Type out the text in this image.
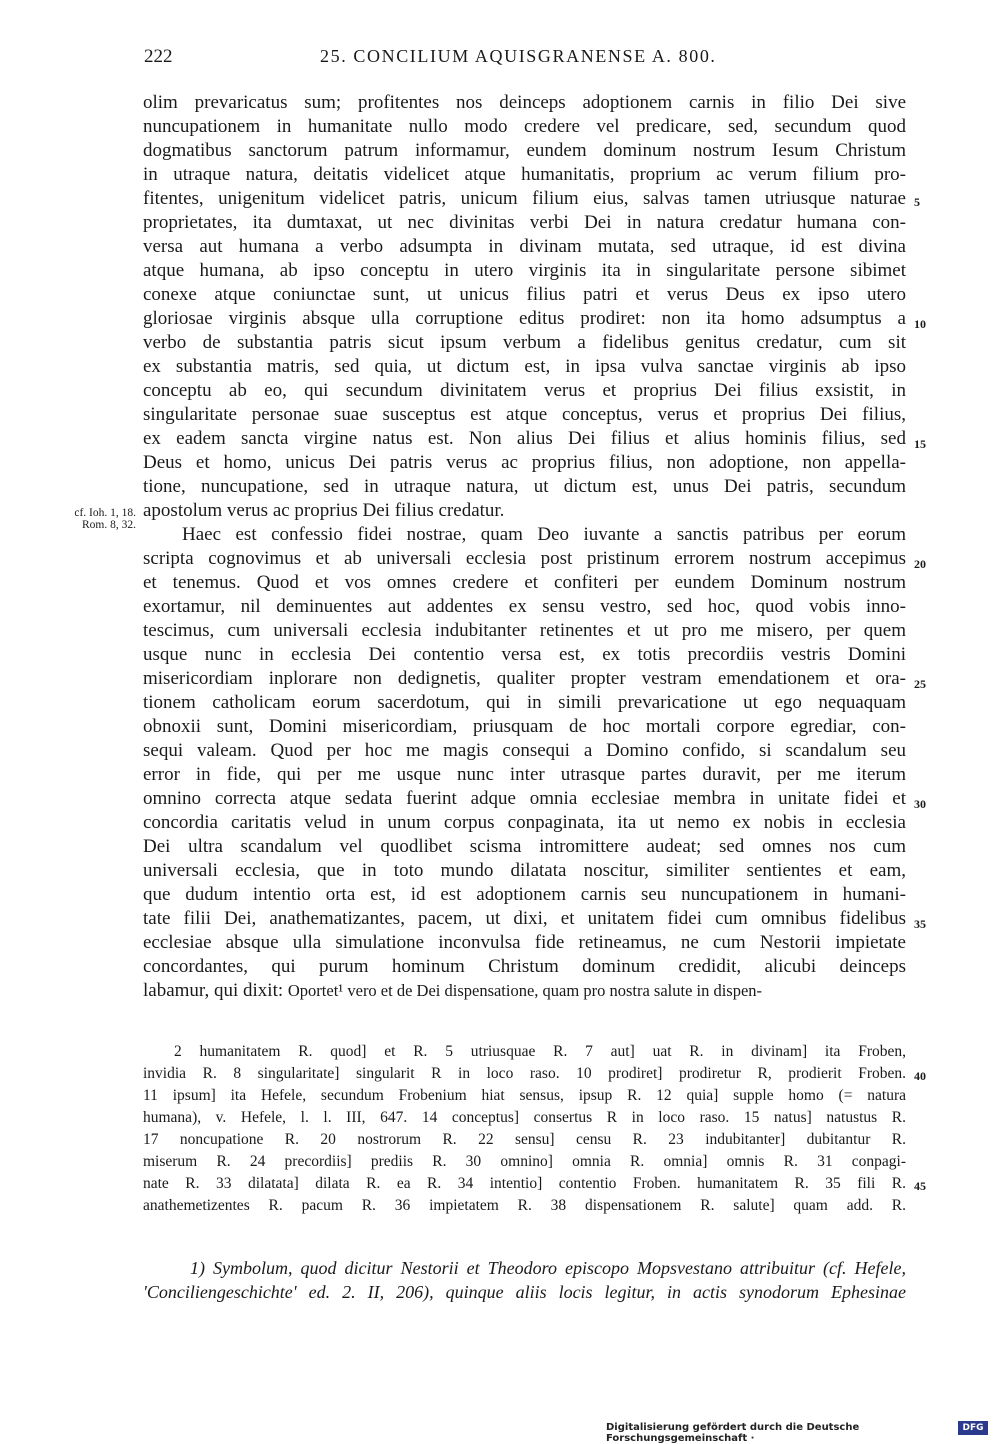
222	25. CONCILIUM AQUISGRANENSE A. 800.
olim prevaricatus sum; profitentes nos deinceps adoptionem carnis in filio Dei sive
nuncupationem in humanitate nullo modo credere vel predicare, sed, secundum quod
dogmatibus sanctorum patrum informamur, eundem dominum nostrum Iesum Christum
in utraque natura, deitatis videlicet atque humanitatis, proprium ac verum filium pro-
fitentes, unigenitum videlicet patris, unicum filium eius, salvas tamen utriusque naturae
proprietates, ita dumtaxat, ut nec divinitas verbi Dei in natura credatur humana con-
versa aut humana a verbo adsumpta in divinam mutata, sed utraque, id est divina
atque humana, ab ipso conceptu in utero virginis ita in singularitate persone sibimet
conexe atque coniunctae sunt, ut unicus filius patri et verus Deus ex ipso utero
gloriosae virginis absque ulla corruptione editus prodiret: non ita homo adsumptus a
verbo de substantia patris sicut ipsum verbum a fidelibus genitus credatur, cum sit
ex substantia matris, sed quia, ut dictum est, in ipsa vulva sanctae virginis ab ipso
conceptu ab eo, qui secundum divinitatem verus et proprius Dei filius exsistit, in
singularitate personae suae susceptus est atque conceptus, verus et proprius Dei filius,
ex eadem sancta virgine natus est. Non alius Dei filius et alius hominis filius, sed
Deus et homo, unicus Dei patris verus ac proprius filius, non adoptione, non appella-
tione, nuncupatione, sed in utraque natura, ut dictum est, unus Dei patris, secundum
apostolum verus ac proprius Dei filius credatur.
Haec est confessio fidei nostrae, quam Deo iuvante a sanctis patribus per eorum
scripta cognovimus et ab universali ecclesia post pristinum errorem nostrum accepimus
et tenemus. Quod et vos omnes credere et confiteri per eundem Dominum nostrum
exortamur, nil deminuentes aut addentes ex sensu vestro, sed hoc, quod vobis inno-
tescimus, cum universali ecclesia indubitanter retinentes et ut pro me misero, per quem
usque nunc in ecclesia Dei contentio versa est, ex totis precordiis vestris Domini
misericordiam inplorare non dedignetis, qualiter propter vestram emendationem et ora-
tionem catholicam eorum sacerdotum, qui in simili prevaricatione ut ego nequaquam
obnoxii sunt, Domini misericordiam, priusquam de hoc mortali corpore egrediar, con-
sequi valeam. Quod per hoc me magis consequi a Domino confido, si scandalum seu
error in fide, qui per me usque nunc inter utrasque partes duravit, per me iterum
omnino correcta atque sedata fuerint adque omnia ecclesiae membra in unitate fidei et
concordia caritatis velud in unum corpus conpaginata, ita ut nemo ex nobis in ecclesia
Dei ultra scandalum vel quodlibet scisma intromittere audeat; sed omnes nos cum
universali ecclesia, que in toto mundo dilatata noscitur, similiter sentientes et eam,
que dudum intentio orta est, id est adoptionem carnis seu nuncupationem in humani-
tate filii Dei, anathematizantes, pacem, ut dixi, et unitatem fidei cum omnibus fidelibus
ecclesiae absque ulla simulatione inconvulsa fide retineamus, ne cum Nestorii impietate
concordantes, qui purum hominum Christum dominum credidit, alicubi deinceps
labamur, qui dixit: Oportet¹ vero et de Dei dispensatione, quam pro nostra salute in dispen-
5
10
15
20
25
30
35
cf. Ioh. 1, 18.
Rom. 8, 32.
2 humanitatem R. quod] et R. 5 utriusquae R. 7 aut] uat R. in divinam] ita Froben,
invidia R. 8 singularitate] singularit R in loco raso. 10 prodiret] prodiretur R, prodierit Froben.
11 ipsum] ita Hefele, secundum Frobenium hiat sensus, ipsup R. 12 quia] supple homo (= natura
humana), v. Hefele, l. l. III, 647. 14 conceptus] consertus R in loco raso. 15 natus] natustus R.
17 noncupatione R. 20 nostrorum R. 22 sensu] censu R. 23 indubitanter] dubitantur R.
miserum R. 24 precordiis] prediis R. 30 omnino] omnia R. omnia] omnis R. 31 conpagi-
nate R. 33 dilatata] dilata R. ea R. 34 intentio] contentio Froben. humanitatem R. 35 fili R.
anathemetizentes R. pacum R. 36 impietatem R. 38 dispensationem R. salute] quam add. R.
40
45
1) Symbolum, quod dicitur Nestorii et Theodoro episcopo Mopsvestano attribuitur (cf. Hefele,
'Conciliengeschichte' ed. 2. II, 206), quinque aliis locis legitur, in actis synodorum Ephesinae
Digitalisierung gefördert durch die Deutsche Forschungsgemeinschaft ·
DFG
